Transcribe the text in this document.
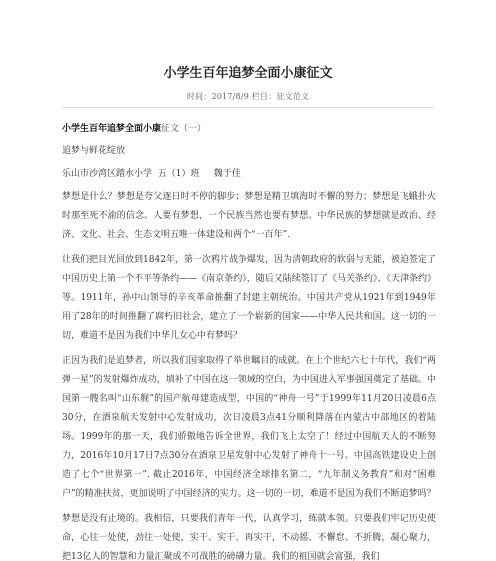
小学生百年追梦全面小康征文
时间：2017/8/9 栏目：征文范文

小学生百年追梦全面小康征文（一）

追梦与鲜花绽放

乐山市沙湾区踏水小学  五（1）班     魏于佳

梦想是什么？梦想是夸父逐日时不停的脚步；梦想是精卫填海时不懈的努力；梦想是飞蛾扑火时那至死不渝的信念。人要有梦想，一个民族当然也要有梦想。中华民族的梦想就是政治、经济、文化、社会、生态文明五唯一体建设和两个“一百年”.

让我们把目光回放到1842年，第一次鸦片战争爆发，因为清朝政府的软弱与无能，被迫签定了中国历史上第一个不平等条约——《南京条约》，随后又陆续签订了《马关条约》、《天津条约》等。1911年，孙中山领导的辛亥革命推翻了封建主朝统治。中国共产党从1921年到1949年用了28年的时间推翻了腐朽旧社会，建立了一个崭新的国家——中华人民共和国。这一切的一切，难道不是因为我们中华儿女心中有梦吗？

正因为我们是追梦者，所以我们国家取得了举世瞩目的成就。在上个世纪六七十年代，我们“两弹一星”的发射爆炸成功，填补了中国在这一领域的空白，为中国进入军事强国奠定了基础。中国第一艘名叫“山东舰”的国产航母建造成型，中国的“神舟一号”于1999年11月20日凌晨6点30分，在酒泉航天发射中心发射成功，次日凌晨3点41分顺利降落在内蒙古中部地区的着陆场。1999年的那一天，我们骄傲地告诉全世界，我们飞上太空了！经过中国航天人的不断努力，2016年10月17日7点30分在酒泉卫星发射中心发射了神舟十一号。中国高铁建设史上创造了七个“世界第一”. 截止2016年，中国经济全球排名第二，“九年制义务教育”和对“困难户”的精准扶贫，更加说明了中国经济的实力。这一切的一切，难道不是因为我们不断追梦吗？

梦想是没有止境的。我相信，只要我们青年一代，认真学习，练就本领。只要我们牢记历史使命，心往一处使，劲往一处使，实干、实干、再实干，不动摇、不懈怠、不折腾，凝心聚力，把13亿人的智慧和力量汇聚成不可战胜的磅礴力量。我们的祖国就会富强，我们
